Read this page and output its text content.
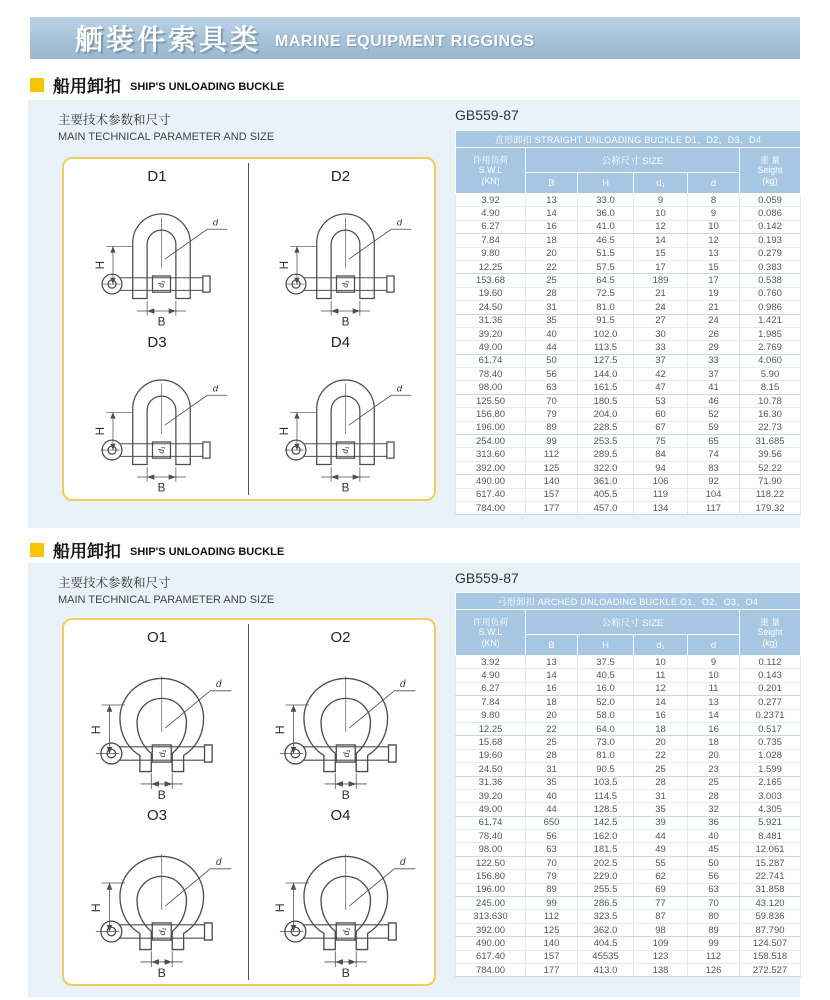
舾装件索具类 MARINE EQUIPMENT RIGGINGS
船用卸扣 SHIP'S UNLOADING BUCKLE
主要技术参数和尺寸
MAIN TECHNICAL PARAMETER AND SIZE
GB559-87
D1	D2
D3	D4
直形卸扣 STRAIGHT UNLOADING BUCKLE D1、D2、D3、D4					

许用负荷
S.W.L
(KN)
	公称尺寸 SIZE	重 量
Seight
(kg)

	B	H	d₁	d	
3.92	13	33.0	9	8	0.059
4.90	14	36.0	10	9	0.086
6.27	16	41.0	12	10	0.142
7.84	18	46.5	14	12	0.193
9.80	20	51.5	15	13	0.279
12.25	22	57.5	17	15	0.383
153.68	25	64.5	189	17	0.538
19.60	28	72.5	21	19	0.760
24.50	31	81.0	24	21	0.986
31.36	35	91.5	27	24	1.421
39.20	40	102.0	30	26	1.985
49.00	44	113.5	33	29	2.769
61.74	50	127.5	37	33	4.060
78.40	56	144.0	42	37	5.90
98.00	63	161.5	47	41	8.15
125.50	70	180.5	53	46	10.78
156.80	79	204.0	60	52	16.30
196.00	89	228.5	67	59	22.73
254.00	99	253.5	75	65	31.685
313.60	112	289.5	84	74	39.56
392.00	125	322.0	94	83	52.22
490.00	140	361.0	106	92	71.90
617.40	157	405.5	119	104	118.22
784.00	177	457.0	134	117	179.32
船用卸扣 SHIP'S UNLOADING BUCKLE
主要技术参数和尺寸
MAIN TECHNICAL PARAMETER AND SIZE
GB559-87
O1	O2
O3	O4
弓形卸扣 ARCHED UNLOADING BUCKLE O1、O2、O3、O4					

许用负荷
S.W.L
(KN)
	公称尺寸 SIZE	重 量
Seight
(kg)

	B	H	d₁	d	
3.92	13	37.5	10	9	0.112
4.90	14	40.5	11	10	0.143
6.27	16	16.0	12	11	0.201
7.84	18	52.0	14	13	0.277
9.80	20	58.0	16	14	0.2371
12.25	22	64.0	18	16	0.517
15.68	25	73.0	20	18	0.735
19.60	28	81.0	22	20	1.028
24.50	31	90.5	25	23	1.599
31.36	35	103.5	28	25	2.165
39.20	40	114.5	31	28	3.003
49.00	44	128.5	35	32	4.305
61.74	650	142.5	39	36	5.921
78.40	56	162.0	44	40	8.481
98.00	63	181.5	49	45	12.061
122.50	70	202.5	55	50	15.287
156.80	79	229.0	62	56	22.741
196.00	89	255.5	69	63	31.858
245.00	99	286.5	77	70	43.120
313.630	112	323.5	87	80	59.836
392.00	125	362.0	98	89	87.790
490.00	140	404.5	109	99	124.507
617.40	157	45535	123	112	158.518
784.00	177	413.0	138	126	272.527
